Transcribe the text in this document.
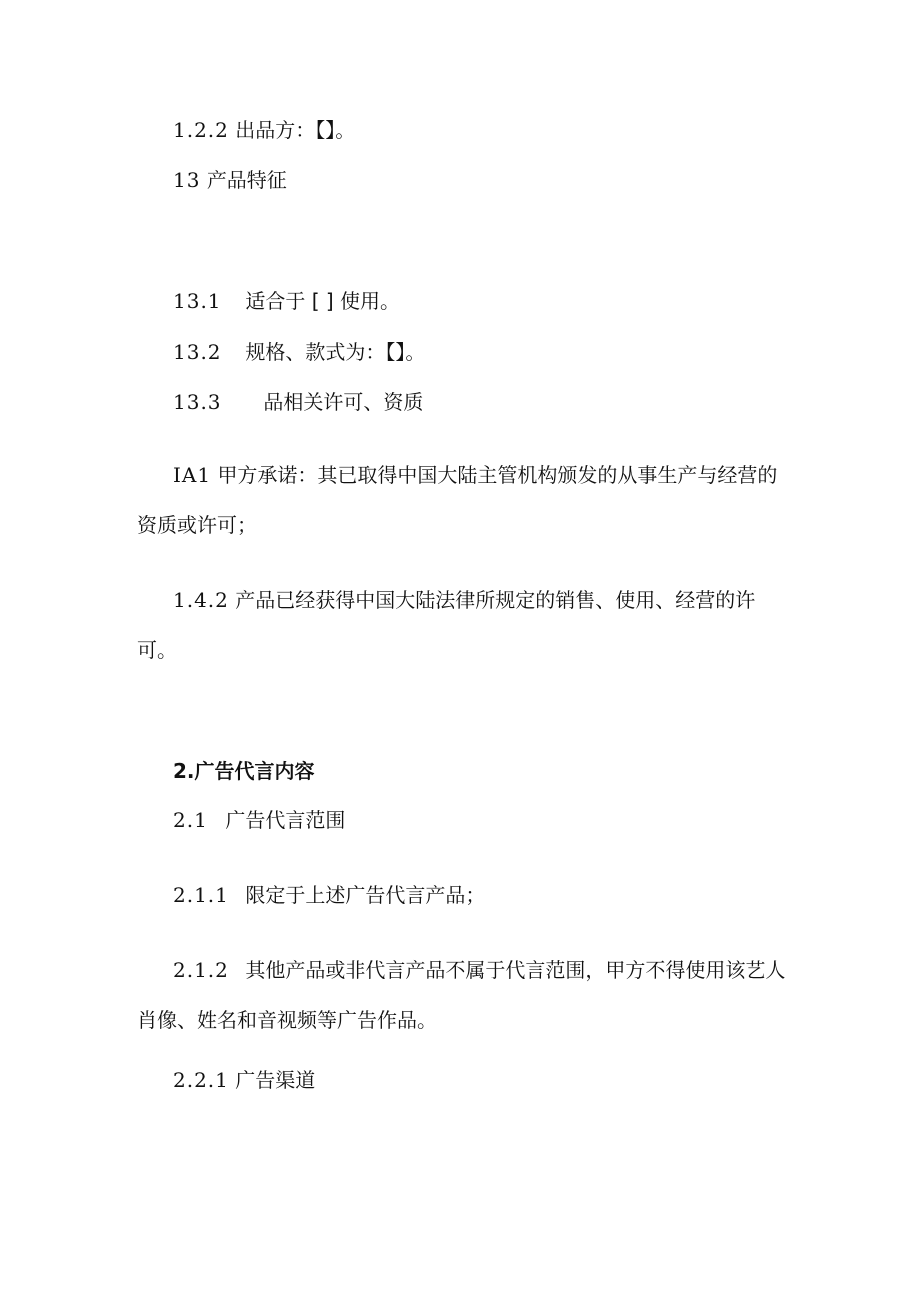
1.2.2 出品方：【】。
13 产品特征
13.1 适合于 [ ] 使用。
13.2 规格、款式为：【】。
13.3 品相关许可、资质
IA1 甲方承诺：其已取得中国大陆主管机构颁发的从事生产与经营的
资质或许可；
1.4.2 产品已经获得中国大陆法律所规定的销售、使用、经营的许
可。
2.广告代言内容
2.1 广告代言范围
2.1.1 限定于上述广告代言产品；
2.1.2 其他产品或非代言产品不属于代言范围，甲方不得使用该艺人
肖像、姓名和音视频等广告作品。
2.2.1 广告渠道
